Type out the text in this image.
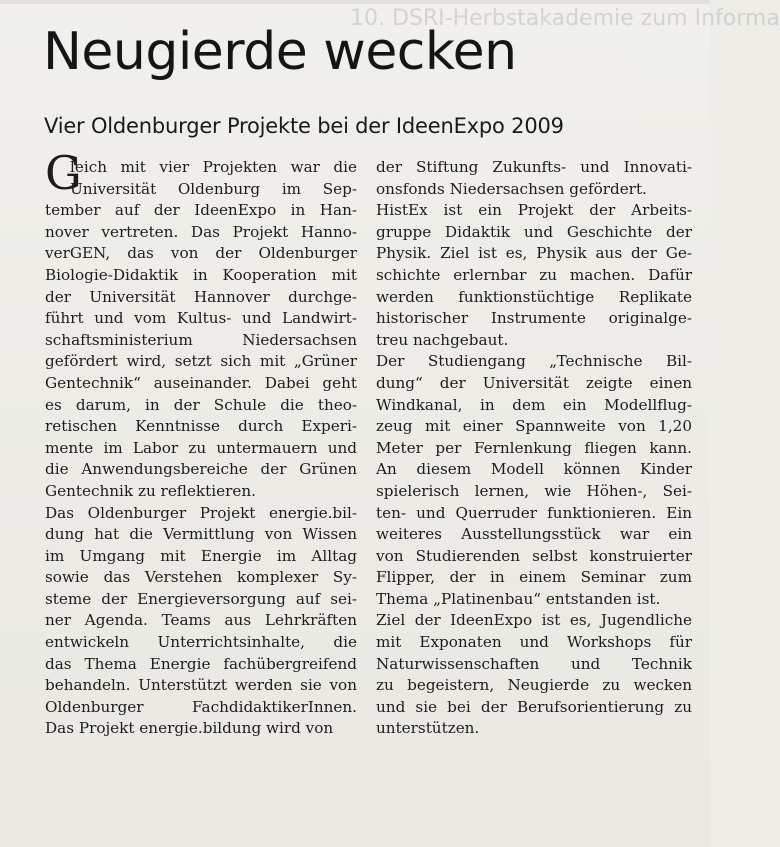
10. DSRI-Herbstakademie zum Informa
Neugierde wecken
Vier Oldenburger Projekte bei der IdeenExpo 2009
G
leich mit vier Projekten war die
Universität Oldenburg im Sep-
tember auf der IdeenExpo in Han-
nover vertreten. Das Projekt Hanno-
verGEN, das von der Oldenburger
Biologie-Didaktik in Kooperation mit
der Universität Hannover durchge-
führt und vom Kultus- und Landwirt-
schaftsministerium Niedersachsen
gefördert wird, setzt sich mit „Grüner
Gentechnik“ auseinander. Dabei geht
es darum, in der Schule die theo-
retischen Kenntnisse durch Experi-
mente im Labor zu untermauern und
die Anwendungsbereiche der Grünen
Gentechnik zu reflektieren.
Das Oldenburger Projekt energie.bil-
dung hat die Vermittlung von Wissen
im Umgang mit Energie im Alltag
sowie das Verstehen komplexer Sy-
steme der Energieversorgung auf sei-
ner Agenda. Teams aus Lehrkräften
entwickeln Unterrichtsinhalte, die
das Thema Energie fachübergreifend
behandeln. Unterstützt werden sie von
Oldenburger FachdidaktikerInnen.
Das Projekt energie.bildung wird von
der Stiftung Zukunfts- und Innovati-
onsfonds Niedersachsen gefördert.
HistEx ist ein Projekt der Arbeits-
gruppe Didaktik und Geschichte der
Physik. Ziel ist es, Physik aus der Ge-
schichte erlernbar zu machen. Dafür
werden funktionstüchtige Replikate
historischer Instrumente originalge-
treu nachgebaut.
Der Studiengang „Technische Bil-
dung“ der Universität zeigte einen
Windkanal, in dem ein Modellflug-
zeug mit einer Spannweite von 1,20
Meter per Fernlenkung fliegen kann.
An diesem Modell können Kinder
spielerisch lernen, wie Höhen-, Sei-
ten- und Querruder funktionieren. Ein
weiteres Ausstellungsstück war ein
von Studierenden selbst konstruierter
Flipper, der in einem Seminar zum
Thema „Platinenbau“ entstanden ist.
Ziel der IdeenExpo ist es, Jugendliche
mit Exponaten und Workshops für
Naturwissenschaften und Technik
zu begeistern, Neugierde zu wecken
und sie bei der Berufsorientierung zu
unterstützen.
